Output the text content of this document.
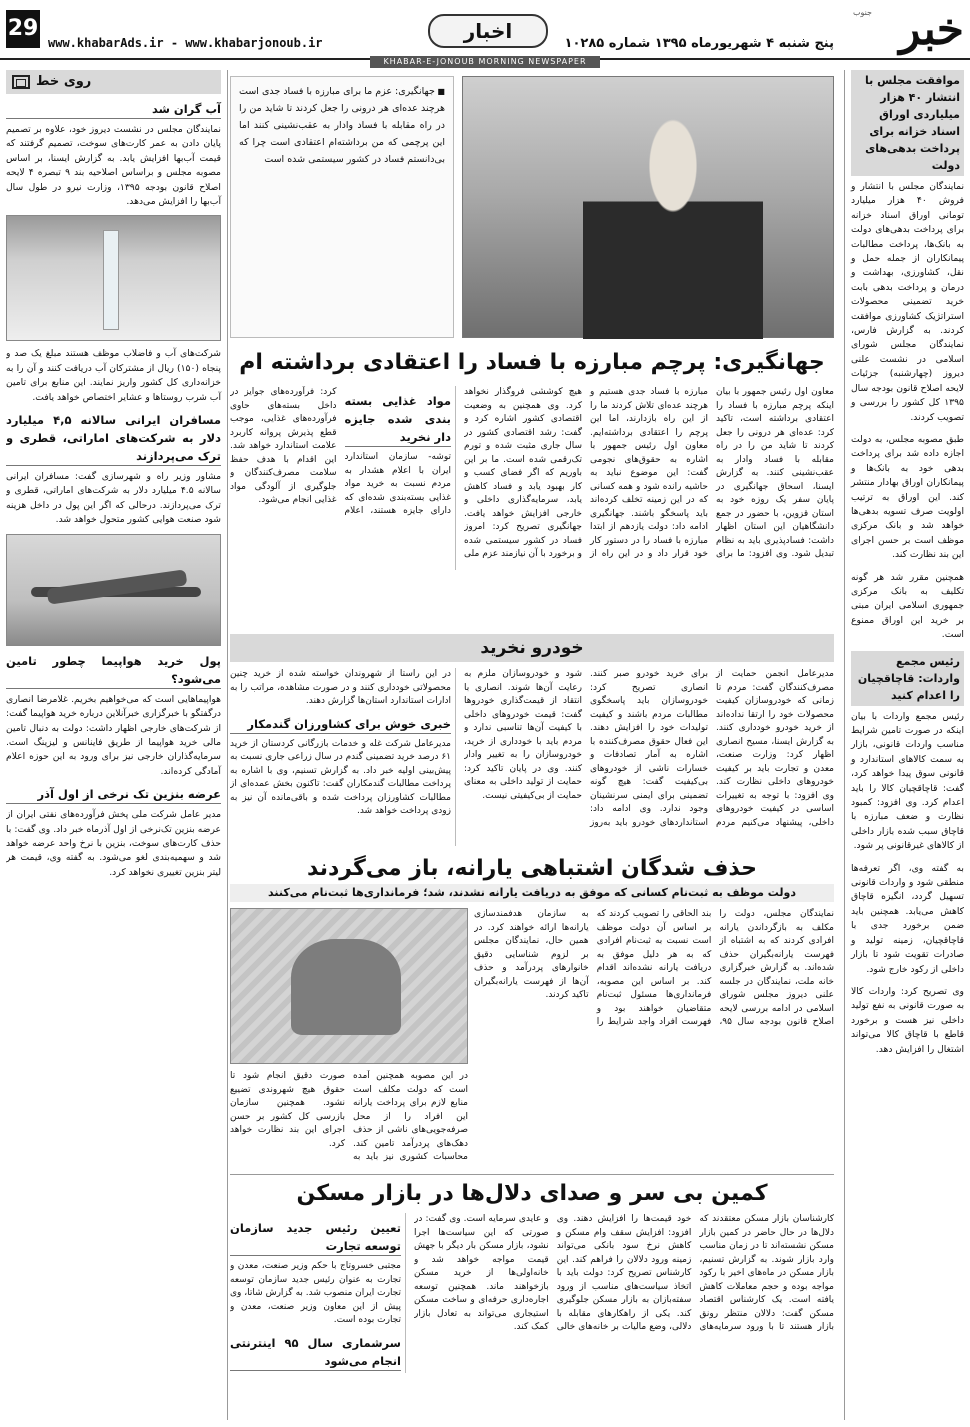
خبر
جنوب
پنج شنبه ۴ شهریورماه ۱۳۹۵ شماره ۱۰۲۸۵
اخبار
www.khabarAds.ir - www.khabarjonoub.ir
29
KHABAR-E-JONOUB MORNING NEWSPAPER
موافقت مجلس با انتشار ۴۰ هزار میلیاردی اوراق اسناد خزانه برای پرداخت بدهی‌های دولت
نمایندگان مجلس با انتشار و فروش ۴۰ هزار میلیارد تومانی اوراق اسناد خزانه برای پرداخت بدهی‌های دولت به بانک‌ها، پرداخت مطالبات پیمانکاران از جمله حمل و نقل، کشاورزی، بهداشت و درمان و پرداخت بدهی بابت خرید تضمینی محصولات استراتژیک کشاورزی موافقت کردند. به گزارش فارس، نمایندگان مجلس شورای اسلامی در نشست علنی دیروز (چهارشنبه) جزئیات لایحه اصلاح قانون بودجه سال ۱۳۹۵ کل کشور را بررسی و تصویب کردند.
طبق مصوبه مجلس، به دولت اجازه داده شد برای پرداخت بدهی خود به بانک‌ها و پیمانکاران اوراق بهادار منتشر کند. این اوراق به ترتیب اولویت صرف تسویه بدهی‌ها خواهد شد و بانک مرکزی موظف است بر حسن اجرای این بند نظارت کند.
همچنین مقرر شد هر گونه تکلیف به بانک مرکزی جمهوری اسلامی ایران مبنی بر خرید این اوراق ممنوع است.
رئیس مجمع واردات: قاچاقچیان را اعدام کنید
رئیس مجمع واردات با بیان اینکه در صورت تامین شرایط مناسب واردات قانونی، بازار به سمت کالاهای استاندارد و قانونی سوق پیدا خواهد کرد، گفت: قاچاقچیان کالا را باید اعدام کرد. وی افزود: کمبود نظارت و ضعف مبارزه با قاچاق سبب شده بازار داخلی از کالاهای غیرقانونی پر شود.
به گفته وی، اگر تعرفه‌ها منطقی شود و واردات قانونی تسهیل گردد، انگیزه قاچاق کاهش می‌یابد. همچنین باید ضمن برخورد جدی با قاچاقچیان، زمینه تولید و صادرات تقویت شود تا بازار داخلی از رکود خارج شود.
وی تصریح کرد: واردات کالا به صورت قانونی به نفع تولید داخلی نیز هست و برخورد قاطع با قاچاق کالا می‌تواند اشتغال را افزایش دهد.
■ جهانگیری: عزم ما برای مبارزه با فساد جدی است هرچند عده‌ای هر درونی را جعل کردند تا شاید من را در راه مقابله با فساد وادار به عقب‌نشینی کنند اما این پرچمی که من برداشته‌ام اعتقادی است چرا که بی‌دانستم فساد در کشور سیستمی شده است
جهانگیری: پرچم مبارزه با فساد را اعتقادی برداشته ام
معاون اول رئیس جمهور با بیان اینکه پرچم مبارزه با فساد را اعتقادی برداشته است، تاکید کرد: عده‌ای هر درونی را جعل کردند تا شاید من را در راه مقابله با فساد وادار به عقب‌نشینی کنند. به گزارش ایسنا، اسحاق جهانگیری در پایان سفر یک روزه خود به استان قزوین، با حضور در جمع دانشگاهیان این استان اظهار داشت: فسادپذیری باید به نظام تبدیل شود. وی افزود: ما برای مبارزه با فساد جدی هستیم و هرچند عده‌ای تلاش کردند ما را از این راه بازدارند، اما این پرچم را اعتقادی برداشته‌ایم. معاون اول رئیس جمهور با اشاره به حقوق‌های نجومی گفت: این موضوع نباید به حاشیه رانده شود و همه کسانی که در این زمینه تخلف کرده‌اند باید پاسخگو باشند. جهانگیری ادامه داد: دولت یازدهم از ابتدا مبارزه با فساد را در دستور کار خود قرار داد و در این راه از هیچ کوششی فروگذار نخواهد کرد. وی همچنین به وضعیت اقتصادی کشور اشاره کرد و گفت: رشد اقتصادی کشور در سال جاری مثبت شده و تورم تک‌رقمی شده است. ما بر این باوریم که اگر فضای کسب و کار بهبود یابد و فساد کاهش یابد، سرمایه‌گذاری داخلی و خارجی افزایش خواهد یافت. جهانگیری تصریح کرد: امروز فساد در کشور سیستمی شده و برخورد با آن نیازمند عزم ملی
مواد غذایی بسته بندی شده جایزه دار نخرید
توشه- سازمان استاندارد ایران با اعلام هشدار به مردم نسبت به خرید مواد غذایی بسته‌بندی شده‌ای که دارای جایزه هستند، اعلام کرد: فرآورده‌های جوایز در داخل بسته‌های حاوی فرآورده‌های غذایی، موجب قطع پذیرش پروانه کاربرد علامت استاندارد خواهد شد. این اقدام با هدف حفظ سلامت مصرف‌کنندگان و جلوگیری از آلودگی مواد غذایی انجام می‌شود.
خودرو نخرید
مدیرعامل انجمن حمایت از مصرف‌کنندگان گفت: مردم تا زمانی که خودروسازان کیفیت محصولات خود را ارتقا نداده‌اند از خرید خودرو خودداری کنند. به گزارش ایسنا، مسیح انصاری اظهار کرد: وزارت صنعت، معدن و تجارت باید بر کیفیت خودروهای داخلی نظارت کند. وی افزود: با توجه به تغییرات اساسی در کیفیت خودروهای داخلی، پیشنهاد می‌کنیم مردم برای خرید خودرو صبر کنند. انصاری تصریح کرد: خودروسازان باید پاسخگوی مطالبات مردم باشند و کیفیت تولیدات خود را افزایش دهند. این فعال حقوق مصرف‌کننده با اشاره به آمار تصادفات و خسارات ناشی از خودروهای بی‌کیفیت گفت: هیچ گونه تضمینی برای ایمنی سرنشینان وجود ندارد. وی ادامه داد: استانداردهای خودرو باید به‌روز شود و خودروسازان ملزم به رعایت آن‌ها شوند. انصاری با انتقاد از قیمت‌گذاری خودروها گفت: قیمت خودروهای داخلی با کیفیت آن‌ها تناسبی ندارد و مردم باید با خودداری از خرید، خودروسازان را به تغییر وادار کنند. وی در پایان تاکید کرد: حمایت از تولید داخلی به معنای حمایت از بی‌کیفیتی نیست.
در این راستا از شهروندان خواسته شده از خرید چنین محصولاتی خودداری کنند و در صورت مشاهده، مراتب را به ادارات استاندارد استان‌ها گزارش دهند.
خبری خوش برای کشاورزان گندمکار
مدیرعامل شرکت غله و خدمات بازرگانی کردستان از خرید ۶۱ درصد خرید تضمینی گندم در سال زراعی جاری نسبت به پیش‌بینی اولیه خبر داد. به گزارش تسنیم، وی با اشاره به پرداخت مطالبات گندمکاران گفت: تاکنون بخش عمده‌ای از مطالبات کشاورزان پرداخت شده و باقی‌مانده آن نیز به زودی پرداخت خواهد شد.
حذف شدگان اشتباهی یارانه، باز می‌گردند
دولت موظف به ثبت‌نام کسانی که موفق به دریافت یارانه نشدند، شد؛ فرمانداری‌ها ثبت‌نام می‌کنند
نمایندگان مجلس، دولت را مکلف به بازگرداندن یارانه افرادی کردند که به اشتباه از فهرست یارانه‌بگیران حذف شده‌اند. به گزارش خبرگزاری خانه ملت، نمایندگان در جلسه علنی دیروز مجلس شورای اسلامی در ادامه بررسی لایحه اصلاح قانون بودجه سال ۹۵، بند الحاقی را تصویب کردند که بر اساس آن دولت موظف است نسبت به ثبت‌نام افرادی که به هر دلیل موفق به دریافت یارانه نشده‌اند اقدام کند. بر اساس این مصوبه، فرمانداری‌ها مسئول ثبت‌نام متقاضیان خواهند بود و فهرست افراد واجد شرایط را به سازمان هدفمندسازی یارانه‌ها ارائه خواهند کرد. در همین حال، نمایندگان مجلس بر لزوم شناسایی دقیق خانوارهای پردرآمد و حذف آن‌ها از فهرست یارانه‌بگیران تاکید کردند.
در این مصوبه همچنین آمده است که دولت مکلف است منابع لازم برای پرداخت یارانه این افراد را از محل صرفه‌جویی‌های ناشی از حذف دهک‌های پردرآمد تامین کند. محاسبات کشوری نیز باید به صورت دقیق انجام شود تا حقوق هیچ شهروندی تضییع نشود. همچنین سازمان بازرسی کل کشور بر حسن اجرای این بند نظارت خواهد کرد.
کمین بی سر و صدای دلال‌ها در بازار مسکن
کارشناسان بازار مسکن معتقدند که دلال‌ها در حال حاضر در کمین بازار مسکن نشسته‌اند تا در زمان مناسب وارد بازار شوند. به گزارش تسنیم، بازار مسکن در ماه‌های اخیر با رکود مواجه بوده و حجم معاملات کاهش یافته است. یک کارشناس اقتصاد مسکن گفت: دلالان منتظر رونق بازار هستند تا با ورود سرمایه‌های خود قیمت‌ها را افزایش دهند. وی افزود: افزایش سقف وام مسکن و کاهش نرخ سود بانکی می‌تواند زمینه ورود دلالان را فراهم کند. این کارشناس تصریح کرد: دولت باید با اتخاذ سیاست‌های مناسب از ورود سفته‌بازان به بازار مسکن جلوگیری کند. یکی از راهکارهای مقابله با دلالی، وضع مالیات بر خانه‌های خالی و عایدی سرمایه است. وی گفت: در صورتی که این سیاست‌ها اجرا نشود، بازار مسکن بار دیگر با جهش قیمت مواجه خواهد شد و خانه‌اولی‌ها از خرید مسکن بازخواهند ماند. همچنین توسعه اجاره‌داری حرفه‌ای و ساخت مسکن استیجاری می‌تواند به تعادل بازار کمک کند.
تعیین رئیس جدید سازمان توسعه تجارت
مجتبی خسروتاج با حکم وزیر صنعت، معدن و تجارت به عنوان رئیس جدید سازمان توسعه تجارت ایران منصوب شد. به گزارش شاتا، وی پیش از این معاون وزیر صنعت، معدن و تجارت بوده است.
سرشماری سال ۹۵ اینترنتی انجام می‌شود
روی خط
آب گران شد
نمایندگان مجلس در نشست دیروز خود، علاوه بر تصمیم پایان دادن به عمر کارت‌های سوخت، تصمیم گرفتند که قیمت آب‌بها افزایش یابد. به گزارش ایسنا، بر اساس مصوبه مجلس و براساس اصلاحیه بند ۹ تبصره ۴ لایحه اصلاح قانون بودجه ۱۳۹۵، وزارت نیرو در طول سال آب‌بها را افزایش می‌دهد.
شرکت‌های آب و فاضلاب موظف هستند مبلغ یک صد و پنجاه (۱۵۰) ریال از مشترکان آب دریافت کنند و آن را به خزانه‌داری کل کشور واریز نمایند. این منابع برای تامین آب شرب روستاها و عشایر اختصاص خواهد یافت.
مسافران ایرانی سالانه ۴,۵ میلیارد دلار به شرکت‌های اماراتی، قطری و ترک می‌پردازند
مشاور وزیر راه و شهرسازی گفت: مسافران ایرانی سالانه ۴.۵ میلیارد دلار به شرکت‌های اماراتی، قطری و ترک می‌پردازند. درحالی که اگر این پول در داخل هزینه شود صنعت هوایی کشور متحول خواهد شد.
پول خرید هواپیما چطور تامین می‌شود؟
هواپیماهایی است که می‌خواهیم بخریم. غلامرضا انصاری درگفتگو با خبرگزاری خبرآنلاین درباره خرید هواپیما گفت: از شرکت‌های خارجی اظهار داشت: دولت به دنبال تامین مالی خرید هواپیما از طریق فاینانس و لیزینگ است. سرمایه‌گذاران خارجی نیز برای ورود به این حوزه اعلام آمادگی کرده‌اند.
عرضه بنزین تک نرخی از اول آذر
مدیر عامل شرکت ملی پخش فرآورده‌های نفتی ایران از عرضه بنزین تک‌نرخی از اول آذرماه خبر داد. وی گفت: با حذف کارت‌های سوخت، بنزین با نرخ واحد عرضه خواهد شد و سهمیه‌بندی لغو می‌شود. به گفته وی، قیمت هر لیتر بنزین تغییری نخواهد کرد.
